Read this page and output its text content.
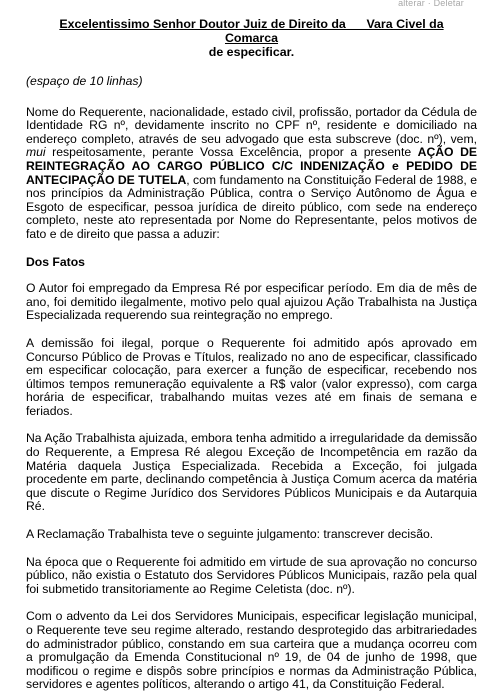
alterar · Deletar
Excelentissimo Senhor Doutor Juiz de Direito da __ Vara Civel da Comarca
de especificar.

(espaço de 10 linhas)

Nome do Requerente, nacionalidade, estado civil, profissão, portador da Cédula de Identidade RG nº, devidamente inscrito no CPF nº, residente e domiciliado na endereço completo, através de seu advogado que esta subscreve (doc. nº), vem, mui respeitosamente, perante Vossa Excelência, propor a presente AÇÃO DE REINTEGRAÇÃO AO CARGO PÚBLICO C/C INDENIZAÇÃO e PEDIDO DE ANTECIPAÇÃO DE TUTELA, com fundamento na Constituição Federal de 1988, e nos princípios da Administração Pública, contra o Serviço Autônomo de Água e Esgoto de especificar, pessoa jurídica de direito público, com sede na endereço completo, neste ato representada por Nome do Representante, pelos motivos de fato e de direito que passa a aduzir:

Dos Fatos

O Autor foi empregado da Empresa Ré por especificar período. Em dia de mês de ano, foi demitido ilegalmente, motivo pelo qual ajuizou Ação Trabalhista na Justiça Especializada requerendo sua reintegração no emprego.

A demissão foi ilegal, porque o Requerente foi admitido após aprovado em Concurso Público de Provas e Títulos, realizado no ano de especificar, classificado em especificar colocação, para exercer a função de especificar, recebendo nos últimos tempos remuneração equivalente a R$ valor (valor expresso), com carga horária de especificar, trabalhando muitas vezes até em finais de semana e feriados.

Na Ação Trabalhista ajuizada, embora tenha admitido a irregularidade da demissão do Requerente, a Empresa Ré alegou Exceção de Incompetência em razão da Matéria daquela Justiça Especializada. Recebida a Exceção, foi julgada procedente em parte, declinando competência à Justiça Comum acerca da matéria que discute o Regime Jurídico dos Servidores Públicos Municipais e da Autarquia Ré.

A Reclamação Trabalhista teve o seguinte julgamento: transcrever decisão.

Na época que o Requerente foi admitido em virtude de sua aprovação no concurso público, não existia o Estatuto dos Servidores Públicos Municipais, razão pela qual foi submetido transitoriamente ao Regime Celetista (doc. nº).

Com o advento da Lei dos Servidores Municipais, especificar legislação municipal, o Requerente teve seu regime alterado, restando desprotegido das arbitrariedades do administrador público, constando em sua carteira que a mudança ocorreu com a promulgação da Emenda Constitucional nº 19, de 04 de junho de 1998, que modificou o regime e dispôs sobre princípios e normas da Administração Pública, servidores e agentes políticos, alterando o artigo 41, da Constituição Federal.
